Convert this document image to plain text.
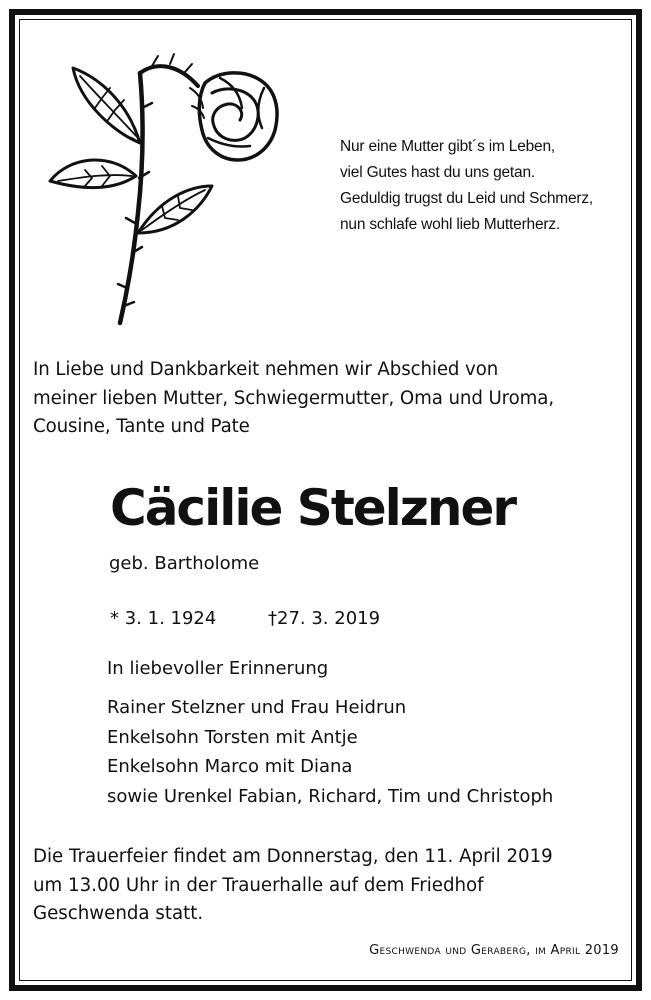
Nur eine Mutter gibt´s im Leben,
viel Gutes hast du uns getan.
Geduldig trugst du Leid und Schmerz,
nun schlafe wohl lieb Mutterherz.

In Liebe und Dankbarkeit nehmen wir Abschied von
meiner lieben Mutter, Schwiegermutter, Oma und Uroma,
Cousine, Tante und Pate

Cäcilie Stelzner
geb. Bartholome
* 3. 1. 1924	†27. 3. 2019
In liebevoller Erinnerung

Rainer Stelzner und Frau Heidrun
Enkelsohn Torsten mit Antje
Enkelsohn Marco mit Diana
sowie Urenkel Fabian, Richard, Tim und Christoph

Die Trauerfeier findet am Donnerstag, den 11. April 2019
um 13.00 Uhr in der Trauerhalle auf dem Friedhof
Geschwenda statt.

Geschwenda und Geraberg, im April 2019
